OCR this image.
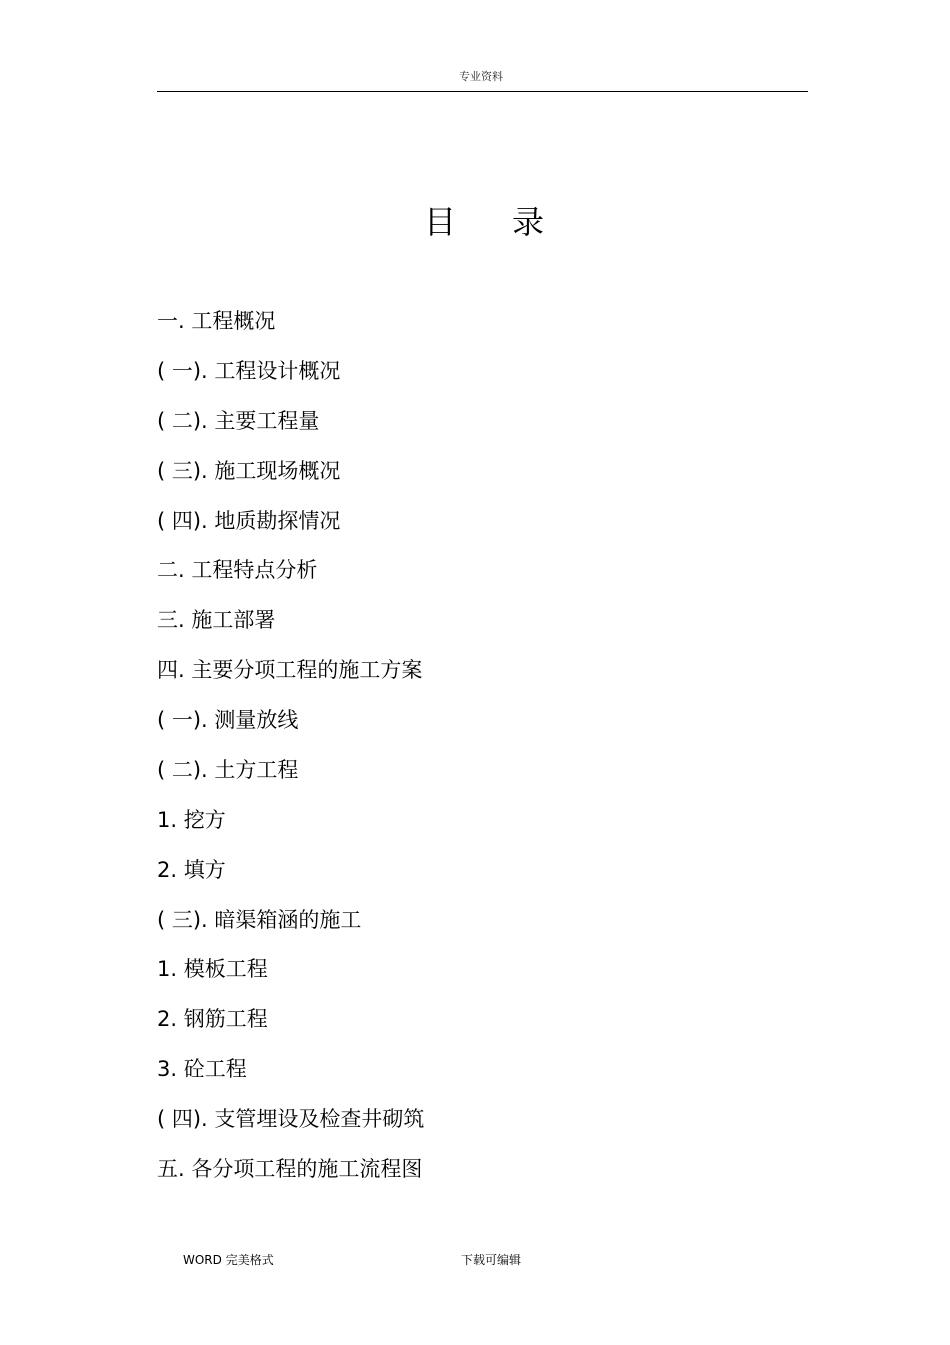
专业资料
目录
一. 工程概况
( 一). 工程设计概况
( 二). 主要工程量
( 三). 施工现场概况
( 四). 地质勘探情况
二. 工程特点分析
三. 施工部署
四. 主要分项工程的施工方案
( 一). 测量放线
( 二). 土方工程
1. 挖方
2. 填方
( 三). 暗渠箱涵的施工
1. 模板工程
2. 钢筋工程
3. 砼工程
( 四). 支管埋设及检查井砌筑
五. 各分项工程的施工流程图
WORD 完美格式	下载可编辑
